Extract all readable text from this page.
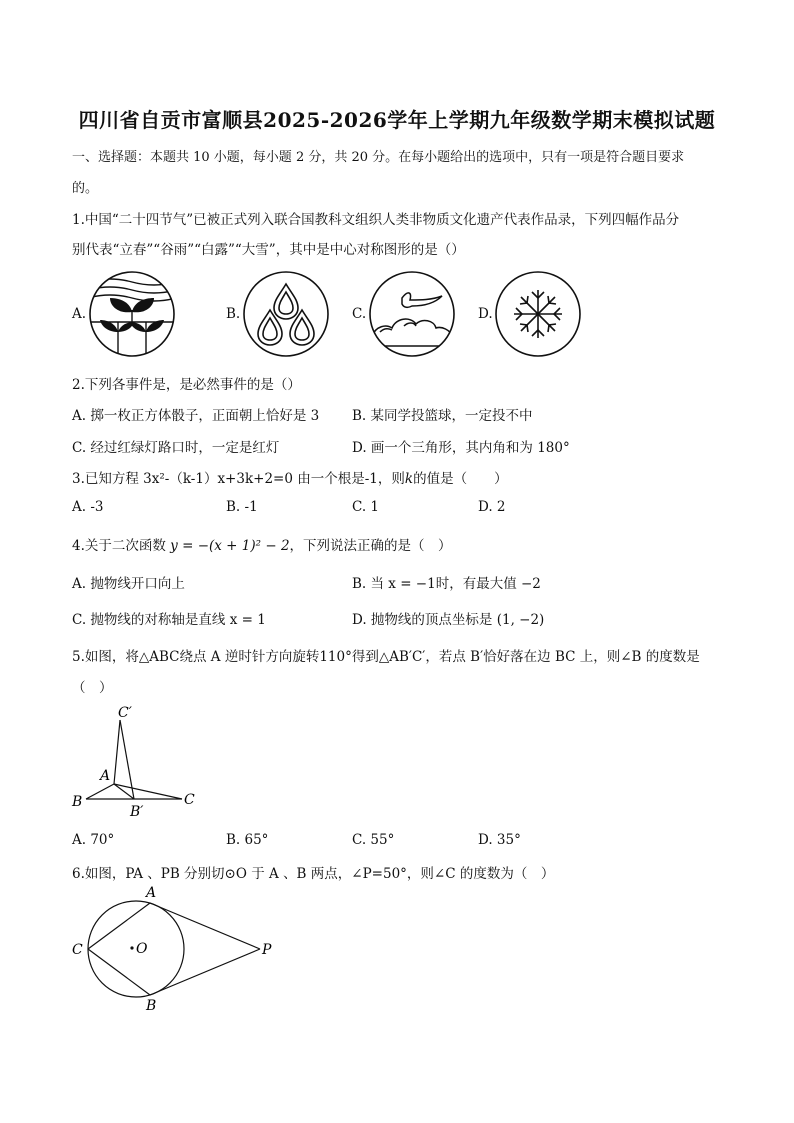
四川省自贡市富顺县2025-2026学年上学期九年级数学期末模拟试题
一、选择题：本题共 10 小题，每小题 2 分，共 20 分。在每小题给出的选项中，只有一项是符合题目要求
的。
1.中国“二十四节气”已被正式列入联合国教科文组织人类非物质文化遗产代表作品录，下列四幅作品分
别代表“立春”“谷雨”“白露”“大雪”，其中是中心对称图形的是（）
A.	B.	C.	D.
2.下列各事件是，是必然事件的是（）
A. 掷一枚正方体骰子，正面朝上恰好是 3 B. 某同学投篮球，一定投不中
C. 经过红绿灯路口时，一定是红灯	D. 画一个三角形，其内角和为 180°
3.已知方程 3x²-（k-1）x+3k+2=0 由一个根是-1，则k的值是（　　）
A. -3	B. -1	C. 1	D. 2
4.关于二次函数 y = −(x + 1)² − 2，下列说法正确的是（　）
A. 抛物线开口向上	B. 当 x = −1时，有最大值 −2
C. 抛物线的对称轴是直线 x = 1	D. 抛物线的顶点坐标是 (1, −2)
5.如图，将△ABC绕点 A 逆时针方向旋转110°得到△AB′C′，若点 B′恰好落在边 BC 上，则∠B 的度数是
（　）
C′
A
B
B′
C
A. 70°	B. 65°	C. 55°	D. 35°
6.如图，PA 、PB 分别切⊙O 于 A 、B 两点，∠P=50°，则∠C 的度数为（　）
A
B
C	O	P
